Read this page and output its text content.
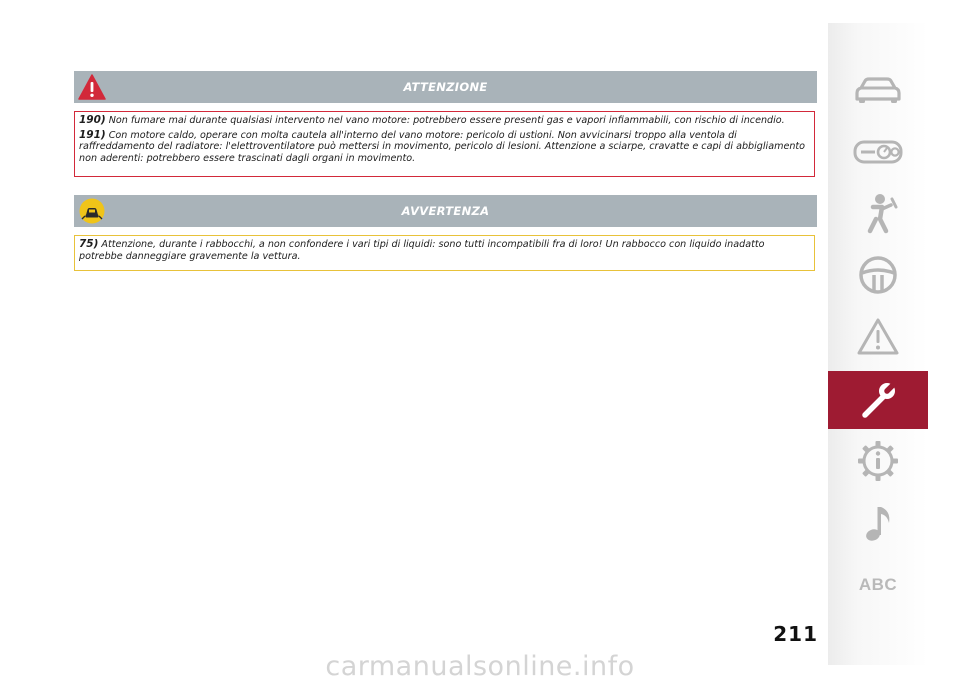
ATTENZIONE

190) Non fumare mai durante qualsiasi intervento nel vano motore: potrebbero essere presenti gas e vapori infiammabili, con rischio di incendio.

191) Con motore caldo, operare con molta cautela all'interno del vano motore: pericolo di ustioni. Non avvicinarsi troppo alla ventola di raffreddamento del radiatore: l'elettroventilatore può mettersi in movimento, pericolo di lesioni. Attenzione a sciarpe, cravatte e capi di abbigliamento non aderenti: potrebbero essere trascinati dagli organi in movimento.

AVVERTENZA

75) Attenzione, durante i rabbocchi, a non confondere i vari tipi di liquidi: sono tutti incompatibili fra di loro! Un rabbocco con liquido inadatto potrebbe danneggiare gravemente la vettura.

ABC
211
carmanualsonline.info
